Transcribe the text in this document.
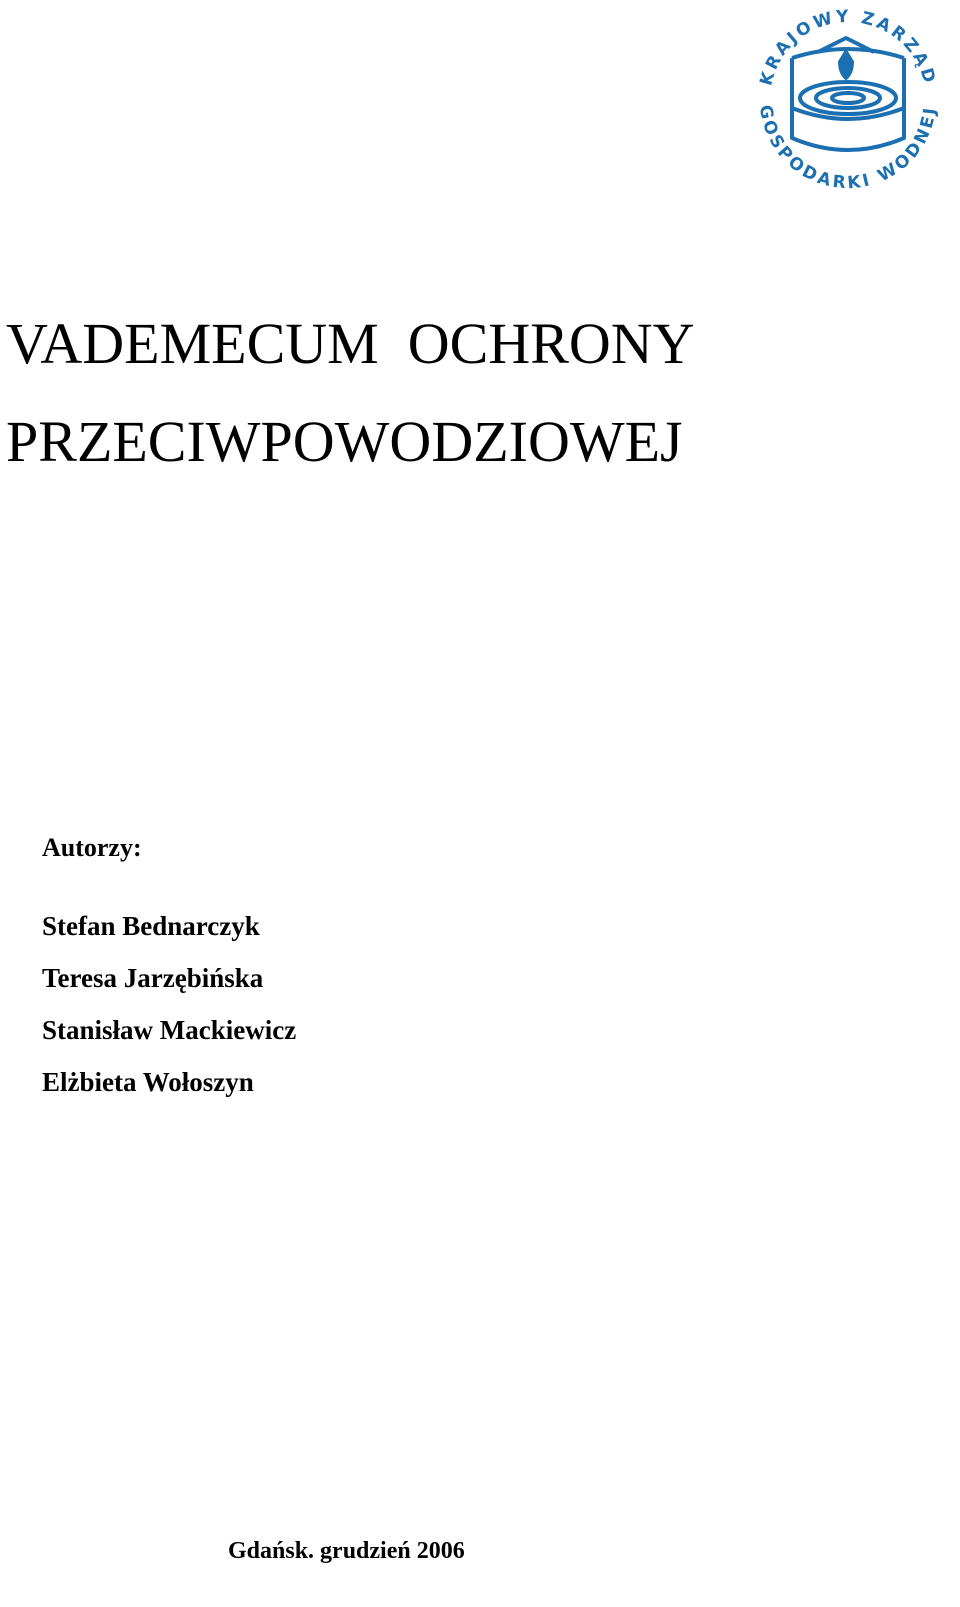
KRAJOWY ZARZĄD
GOSPODARKI WODNEJ
VADEMECUM  OCHRONY
PRZECIWPOWODZIOWEJ
Autorzy:
Stefan Bednarczyk
Teresa Jarzębińska
Stanisław Mackiewicz
Elżbieta Wołoszyn
Gdańsk. grudzień 2006
